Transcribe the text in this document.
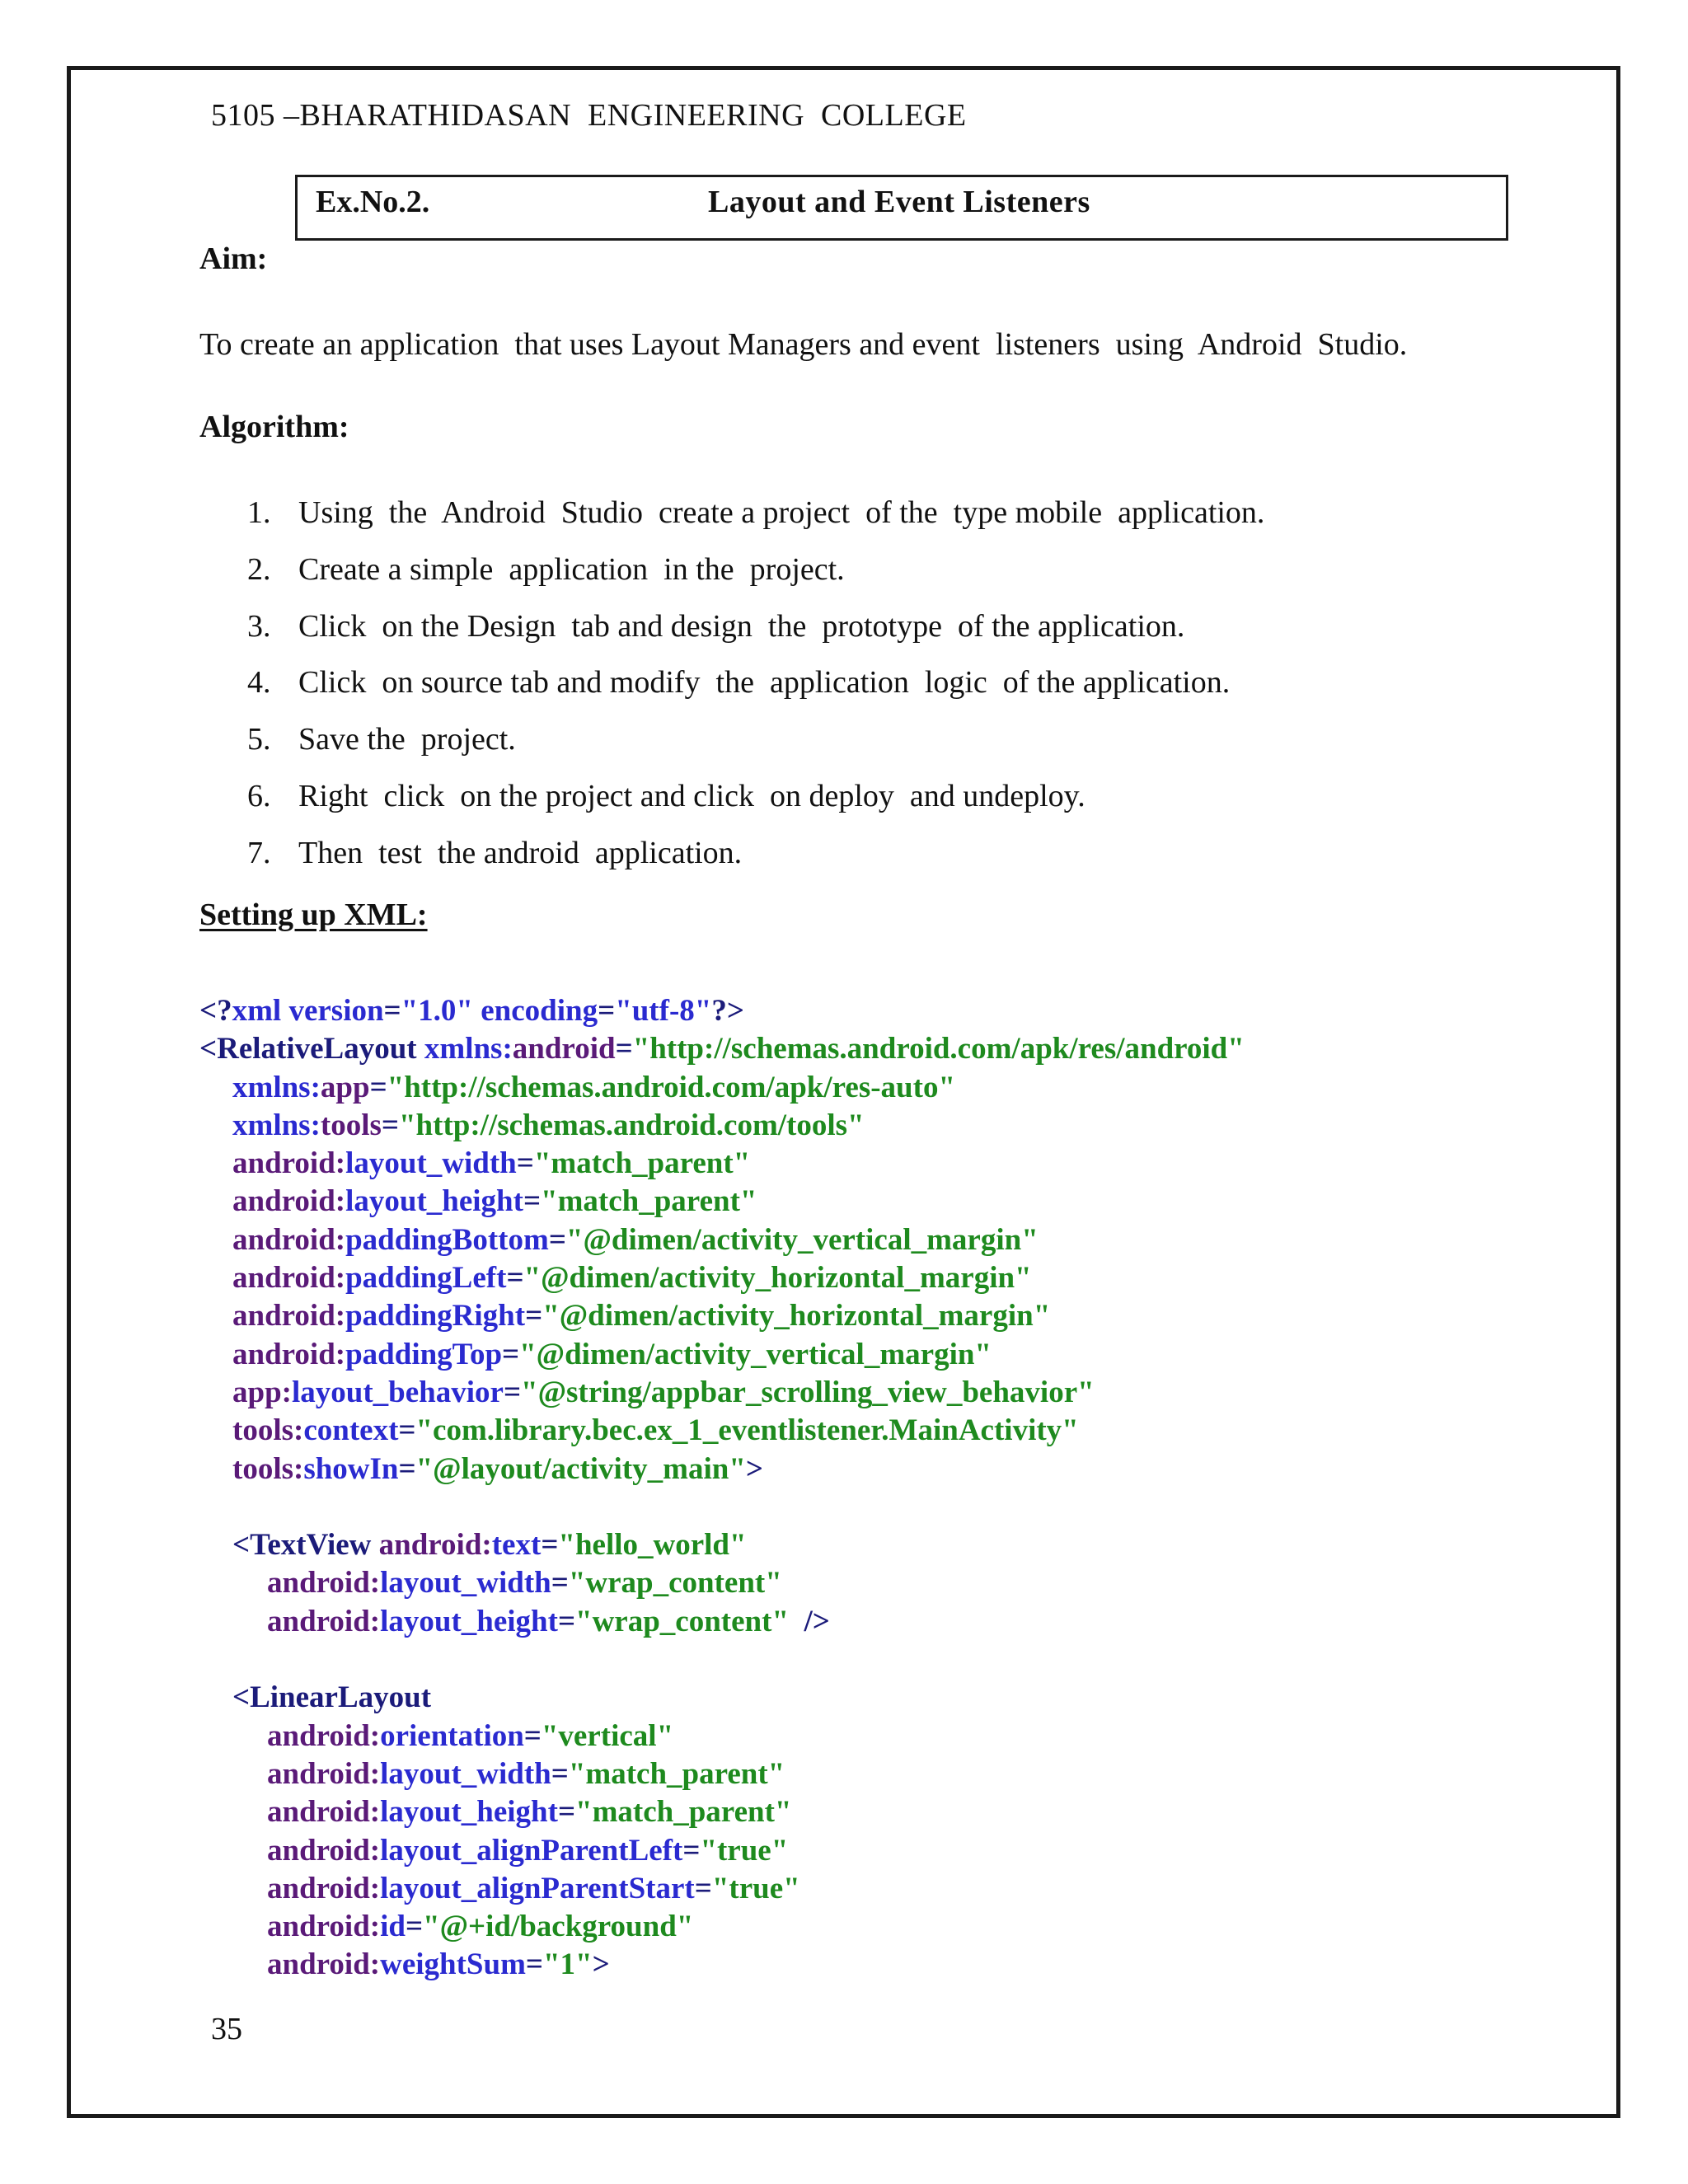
5105 –BHARATHIDASAN  ENGINEERING  COLLEGE
Ex.No.2.	Layout and Event Listeners
Aim:
To create an application  that uses Layout Managers and event  listeners  using  Android  Studio.
Algorithm:

1.

Using  the  Android  Studio  create a project  of the  type mobile  application.

2.

Create a simple  application  in the  project.

3.

Click  on the Design  tab and design  the  prototype  of the application.

4.

Click  on source tab and modify  the  application  logic  of the application.

5.

Save the  project.

6.

Right  click  on the project and click  on deploy  and undeploy.

7.

Then  test  the android  application.

Setting up XML:
<?xml version="1.0" encoding="utf-8"?>
<RelativeLayout xmlns:android="http://schemas.android.com/apk/res/android"
xmlns:app="http://schemas.android.com/apk/res-auto"
xmlns:tools="http://schemas.android.com/tools"
android:layout_width="match_parent"
android:layout_height="match_parent"
android:paddingBottom="@dimen/activity_vertical_margin"
android:paddingLeft="@dimen/activity_horizontal_margin"
android:paddingRight="@dimen/activity_horizontal_margin"
android:paddingTop="@dimen/activity_vertical_margin"
app:layout_behavior="@string/appbar_scrolling_view_behavior"
tools:context="com.library.bec.ex_1_eventlistener.MainActivity"
tools:showIn="@layout/activity_main">

<TextView android:text="hello_world"
android:layout_width="wrap_content"
android:layout_height="wrap_content"  />

<LinearLayout
android:orientation="vertical"
android:layout_width="match_parent"
android:layout_height="match_parent"
android:layout_alignParentLeft="true"
android:layout_alignParentStart="true"
android:id="@+id/background"
android:weightSum="1">
35
